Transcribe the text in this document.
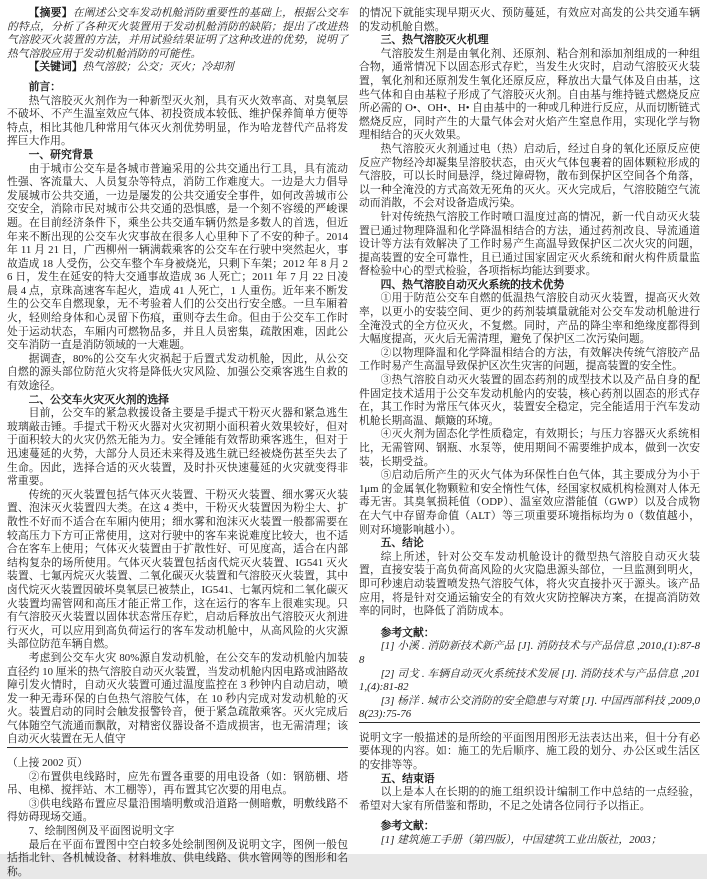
【摘要】在阐述公交车发动机舱消防重要性的基础上，根据公交车的特点，分析了各种灭火装置用于发动机舱消防的缺陷；提出了改进热气溶胶灭火装置的方法，并用试验结果证明了这种改进的优势，说明了热气溶胶应用于发动机舱消防的可能性。

【关键词】热气溶胶；公交；灭火；冷却剂

前言：

热气溶胶灭火剂作为一种新型灭火剂，具有灭火效率高、对臭氧层不破坏、不产生温室效应气体、初投资成本较低、维护保养简单方便等特点，相比其他几种常用气体灭火剂优势明显，作为哈龙替代产品将发挥巨大作用。

一、研究背景

由于城市公交车是各城市普遍采用的公共交通出行工具，具有流动性强、客流量大、人员复杂等特点，消防工作难度大。一边是大力倡导发展城市公共交通，一边是屡发的公共交通安全事件，如何改善城市公交安全，消除市民对城市公共交通的恐惧感，是一个刻不容缓的严峻课题。在目前经济条件下，乘坐公共交通车辆仍然是多数人的首选，但近年来不断出现的公交车火灾事故在很多人心里种下了不安的种子。2014 年 11 月 21 日，广西柳州一辆满载乘客的公交车在行驶中突然起火，事故造成 18 人受伤，公交车整个车身被烧光，只剩下车架；2012 年 8 月 26 日，发生在延安的特大交通事故造成 36 人死亡；2011 年 7 月 22 日凌晨 4 点，京珠高速客车起火，造成 41 人死亡，1 人重伤。近年来不断发生的公交车自燃现象，无不考验着人们的公交出行安全感。一旦车厢着火，轻则给身体和心灵留下伤痕，重则夺去生命。但由于公交车工作时处于运动状态，车厢内可燃物品多，并且人员密集，疏散困难，因此公交车消防一直是消防领域的一大难题。

据调查，80%的公交车火灾祸起于后置式发动机舱，因此，从公交自燃的源头部位防范火灾将是降低火灾风险、加强公交乘客逃生自救的有效途径。

二、公交车火灾灭火剂的选择

目前，公交车的紧急救援设备主要是手提式干粉灭火器和紧急逃生玻璃敲击锤。手提式干粉灭火器对火灾初期小面积着火效果较好，但对于面积较大的火灾仍然无能为力。安全锤能有效帮助乘客逃生，但对于迅速蔓延的火势，大部分人员还未来得及逃生就已经被烧伤甚至失去了生命。因此，选择合适的灭火装置，及时扑灭快速蔓延的火灾就变得非常重要。

传统的灭火装置包括气体灭火装置、干粉灭火装置、细水雾灭火装置、泡沫灭火装置四大类。在这 4 类中，干粉灭火装置因为粉尘大、扩散性不好而不适合在车厢内使用；细水雾和泡沫灭火装置一般都需要在较高压力下方可正常使用，这对行驶中的客车来说难度比较大，也不适合在客车上使用；气体灭火装置由于扩散性好、可见度高，适合在内部结构复杂的场所使用。气体灭火装置包括卤代烷灭火装置、IG541 灭火装置、七氟丙烷灭火装置、二氧化碳灭火装置和气溶胶灭火装置，其中卤代烷灭火装置因破坏臭氧层已被禁止，IG541、七氟丙烷和二氧化碳灭火装置均需管网和高压才能正常工作，这在运行的客车上很难实现。只有气溶胶灭火装置以固体状态常压存贮，启动后释放出气溶胶灭火剂进行灭火，可以应用到高负荷运行的客车发动机舱中，从高风险的火灾源头部位防范车辆自燃。

考虑到公交车火灾 80%源自发动机舱，在公交车的发动机舱内加装直径约 10 厘米的热气溶胶自动灭火装置，当发动机舱内因电路或油路故障引发火情时，自动灭火装置可通过温度监控在 3 秒钟内自动启动，喷发一种无毒环保的白色热气溶胶气体，在 10 秒内完成对发动机舱的灭火。装置启动的同时会触发报警铃音，便于紧急疏散乘客。灭火完成后气体随空气流通而飘散，对精密仪器设备不造成损害，也无需清理；该自动灭火装置在无人值守

（上接 2002 页）

②布置供电线路时，应先布置各重要的用电设备（如：钢筋棚、塔吊、电梯、搅拌站、木工棚等），再布置其它次要的用电点。

③供电线路布置应尽量沿围墙明敷或沿道路一侧暗敷，明敷线路不得妨碍现场交通。

7、绘制图例及平面图说明文字

最后在平面布置图中空白较多处绘制图例及说明文字，图例一般包括指北针、各机械设备、材料堆放、供电线路、供水管网等的图形和名称。

的情况下就能实现早期灭火、预防蔓延，有效应对高发的公共交通车辆的发动机舱自燃。

三、热气溶胶灭火机理

气溶胶发生剂是由氧化剂、还原剂、粘合剂和添加剂组成的一种组合物，通常情况下以固态形式存贮，当发生火灾时，启动气溶胶灭火装置，氧化剂和还原剂发生氧化还原反应，释放出大量气体及自由基，这些气体和自由基粒子形成了气溶胶灭火剂。自由基与维持链式燃烧反应所必需的 O•、OH•、H• 自由基中的一种或几种进行反应，从而切断链式燃烧反应，同时产生的大量气体会对火焰产生窒息作用，实现化学与物理相结合的灭火效果。

热气溶胶灭火剂通过电（热）启动后，经过自身的氧化还原反应使反应产物经冷却凝集呈溶胶状态，由灭火气体包裹着的固体颗粒形成的气溶胶，可以长时间悬浮，绕过障碍物，散布到保护区空间各个角落，以一种全淹没的方式高效无死角的灭火。灭火完成后，气溶胶随空气流动而消散，不会对设备造成污染。

针对传统热气溶胶工作时喷口温度过高的情况，新一代自动灭火装置已通过物理降温和化学降温相结合的方法，通过药剂改良、导流通道设计等方法有效解决了工作时易产生高温导致保护区二次火灾的问题，提高装置的安全可靠性，且已通过国家固定灭火系统和耐火构件质量监督检验中心的型式检验，各项指标均能达到要求。

四、热气溶胶自动灭火系统的技术优势

①用于防范公交车自燃的低温热气溶胶自动灭火装置，提高灭火效率，以更小的安装空间、更少的药剂装填量就能对公交车发动机舱进行全淹没式的全方位灭火，不复燃。同时，产品的降尘率和绝缘度都得到大幅度提高，灭火后无需清理，避免了保护区二次污染问题。

②以物理降温和化学降温相结合的方法，有效解决传统气溶胶产品工作时易产生高温导致保护区次生灾害的问题，提高装置的安全性。

③热气溶胶自动灭火装置的固态药剂的成型技术以及产品自身的配件固定技术适用于公交车发动机舱内的安装，核心药剂以固态的形式存在，其工作时为常压气体灭火，装置安全稳定，完全能适用于汽车发动机舱长期高温、颠簸的环境。

④灭火剂为固态化学性质稳定，有效期长；与压力容器灭火系统相比，无需管网、钢瓶、水泵等，使用期间不需要维护成本，做到一次安装，长期受益。

⑤启动后所产生的灭火气体为环保性白色气体，其主要成分为小于 1μm 的金属氧化物颗粒和安全惰性气体，经国家权威机构检测对人体无毒无害。其臭氧损耗值（ODP）、温室效应潜能值（GWP）以及合成物在大气中存留寿命值（ALT）等三项重要环境指标均为 0（数值越小，则对环境影响越小）。

五、结论

综上所述，针对公交车发动机舱设计的微型热气溶胶自动灭火装置，直接安装于高负荷高风险的火灾隐患源头部位，一旦监测到明火，即可秒速启动装置喷发热气溶胶气体，将火灾直接扑灭于源头。该产品应用，将是针对交通运输安全的有效火灾防控解决方案，在提高消防效率的同时，也降低了消防成本。

参考文献：

[1] 小溪 . 消防新技术新产品 [J]. 消防技术与产品信息 ,2010,(1):87-88

[2] 司戈 . 车辆自动灭火系统技术发展 [J]. 消防技术与产品信息 ,2011,(4):81-82

[3] 杨洋 . 城市公交消防的安全隐患与对策 [J]. 中国西部科技 ,2009,08(23):75-76

说明文字一般描述的是所绘的平面图用图形无法表达出来，但十分有必要体现的内容。如：施工的先后顺序、施工段的划分、办公区或生活区的安排等等。

五、结束语

以上是本人在长期的的施工组织设计编制工作中总结的一点经验，希望对大家有所借鉴和帮助，不足之处请各位同行予以指正。

参考文献：

[1] 建筑施工手册（第四版），中国建筑工业出版社，2003；
